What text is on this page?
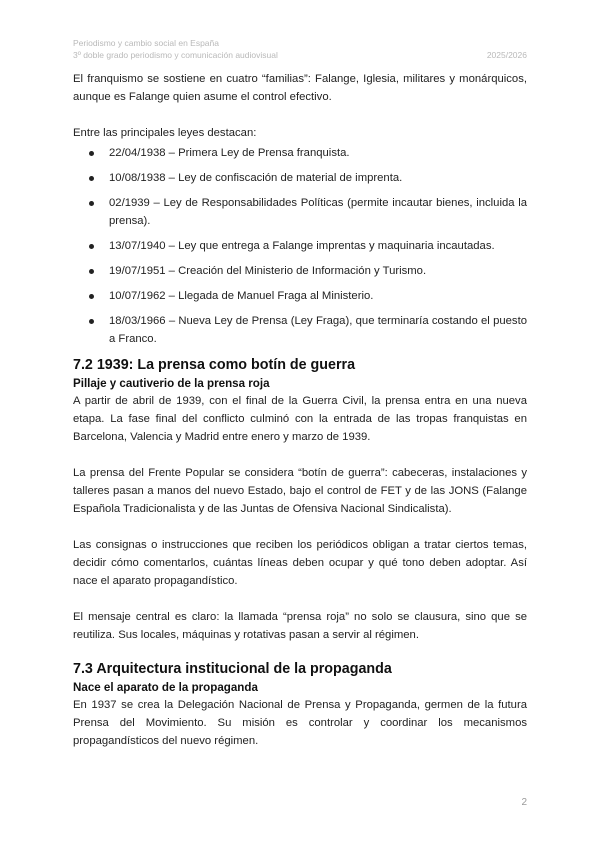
Periodismo y cambio social en España
3º doble grado periodismo y comunicación audiovisual	2025/2026

El franquismo se sostiene en cuatro “familias”: Falange, Iglesia, militares y monárquicos, aunque es Falange quien asume el control efectivo.

Entre las principales leyes destacan:

22/04/1938 – Primera Ley de Prensa franquista.
10/08/1938 – Ley de confiscación de material de imprenta.
02/1939 – Ley de Responsabilidades Políticas (permite incautar bienes, incluida la prensa).
13/07/1940 – Ley que entrega a Falange imprentas y maquinaria incautadas.
19/07/1951 – Creación del Ministerio de Información y Turismo.
10/07/1962 – Llegada de Manuel Fraga al Ministerio.
18/03/1966 – Nueva Ley de Prensa (Ley Fraga), que terminaría costando el puesto a Franco.
7.2 1939: La prensa como botín de guerra
Pillaje y cautiverio de la prensa roja

A partir de abril de 1939, con el final de la Guerra Civil, la prensa entra en una nueva etapa. La fase final del conflicto culminó con la entrada de las tropas franquistas en Barcelona, Valencia y Madrid entre enero y marzo de 1939.

La prensa del Frente Popular se considera “botín de guerra”: cabeceras, instalaciones y talleres pasan a manos del nuevo Estado, bajo el control de FET y de las JONS (Falange Española Tradicionalista y de las Juntas de Ofensiva Nacional Sindicalista).

Las consignas o instrucciones que reciben los periódicos obligan a tratar ciertos temas, decidir cómo comentarlos, cuántas líneas deben ocupar y qué tono deben adoptar. Así nace el aparato propagandístico.

El mensaje central es claro: la llamada “prensa roja” no solo se clausura, sino que se reutiliza. Sus locales, máquinas y rotativas pasan a servir al régimen.

7.3 Arquitectura institucional de la propaganda
Nace el aparato de la propaganda

En 1937 se crea la Delegación Nacional de Prensa y Propaganda, germen de la futura Prensa del Movimiento. Su misión es controlar y coordinar los mecanismos propagandísticos del nuevo régimen.

2
